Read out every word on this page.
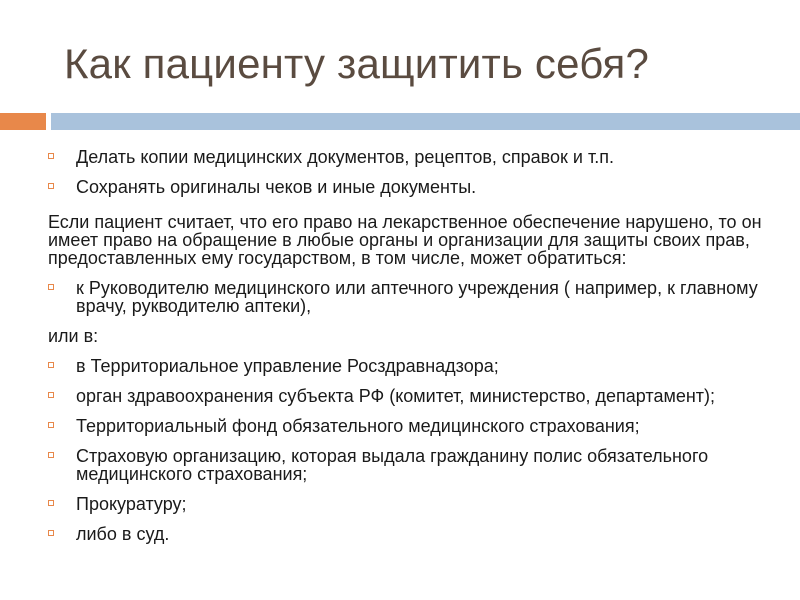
Как пациенту защитить себя?
Делать копии медицинских документов, рецептов, справок и т.п.
Сохранять оригиналы чеков и иные документы.
Если пациент считает, что его право на лекарственное обеспечение нарушено, то он имеет право на обращение в любые органы и организации для защиты своих прав, предоставленных ему государством, в том числе, может обратиться:
к Руководителю медицинского или аптечного учреждения ( например, к главному врачу, рукводителю аптеки),
или в:
в Территориальное управление Росздравнадзора;
орган здравоохранения субъекта РФ (комитет, министерство, департамент);
Территориальный фонд обязательного медицинского страхования;
Страховую организацию, которая выдала гражданину полис обязательного медицинского страхования;
Прокуратуру;
либо в суд.
